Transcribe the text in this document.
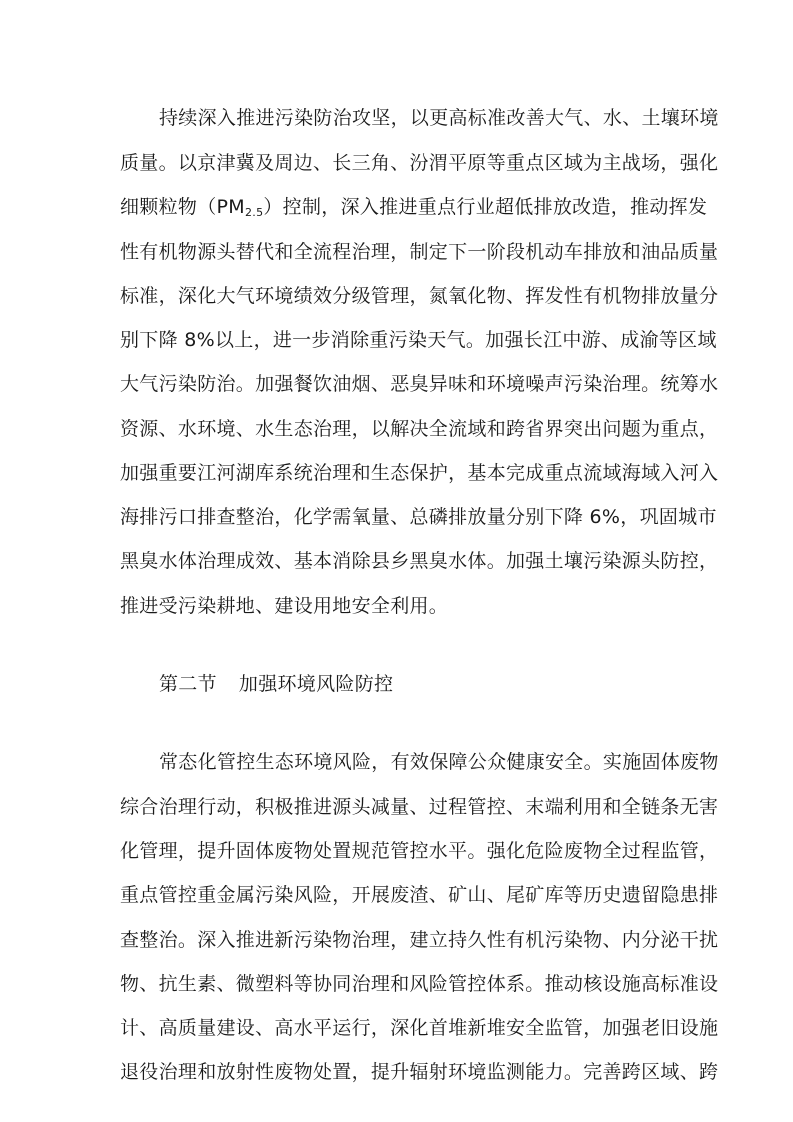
持续深入推进污染防治攻坚，以更高标准改善大气、水、土壤环境
质量。以京津冀及周边、长三角、汾渭平原等重点区域为主战场，强化
细颗粒物$(PM_{2.5})$控制，深入推进重点行业超低排放改造，推动挥发
性有机物源头替代和全流程治理，制定下一阶段机动车排放和油品质量
标准，深化大气环境绩效分级管理，氮氧化物、挥发性有机物排放量分
别下降 8%以上，进一步消除重污染天气。加强长江中游、成渝等区域
大气污染防治。加强餐饮油烟、恶臭异味和环境噪声污染治理。统筹水
资源、水环境、水生态治理，以解决全流域和跨省界突出问题为重点，
加强重要江河湖库系统治理和生态保护，基本完成重点流域海域入河入
海排污口排查整治，化学需氧量、总磷排放量分别下降 6%，巩固城市
黑臭水体治理成效、基本消除县乡黑臭水体。加强土壤污染源头防控，
推进受污染耕地、建设用地安全利用。
第二节 加强环境风险防控
常态化管控生态环境风险，有效保障公众健康安全。实施固体废物
综合治理行动，积极推进源头减量、过程管控、末端利用和全链条无害
化管理，提升固体废物处置规范管控水平。强化危险废物全过程监管，
重点管控重金属污染风险，开展废渣、矿山、尾矿库等历史遗留隐患排
查整治。深入推进新污染物治理，建立持久性有机污染物、内分泌干扰
物、抗生素、微塑料等协同治理和风险管控体系。推动核设施高标准设
计、高质量建设、高水平运行，深化首堆新堆安全监管，加强老旧设施
退役治理和放射性废物处置，提升辐射环境监测能力。完善跨区域、跨
